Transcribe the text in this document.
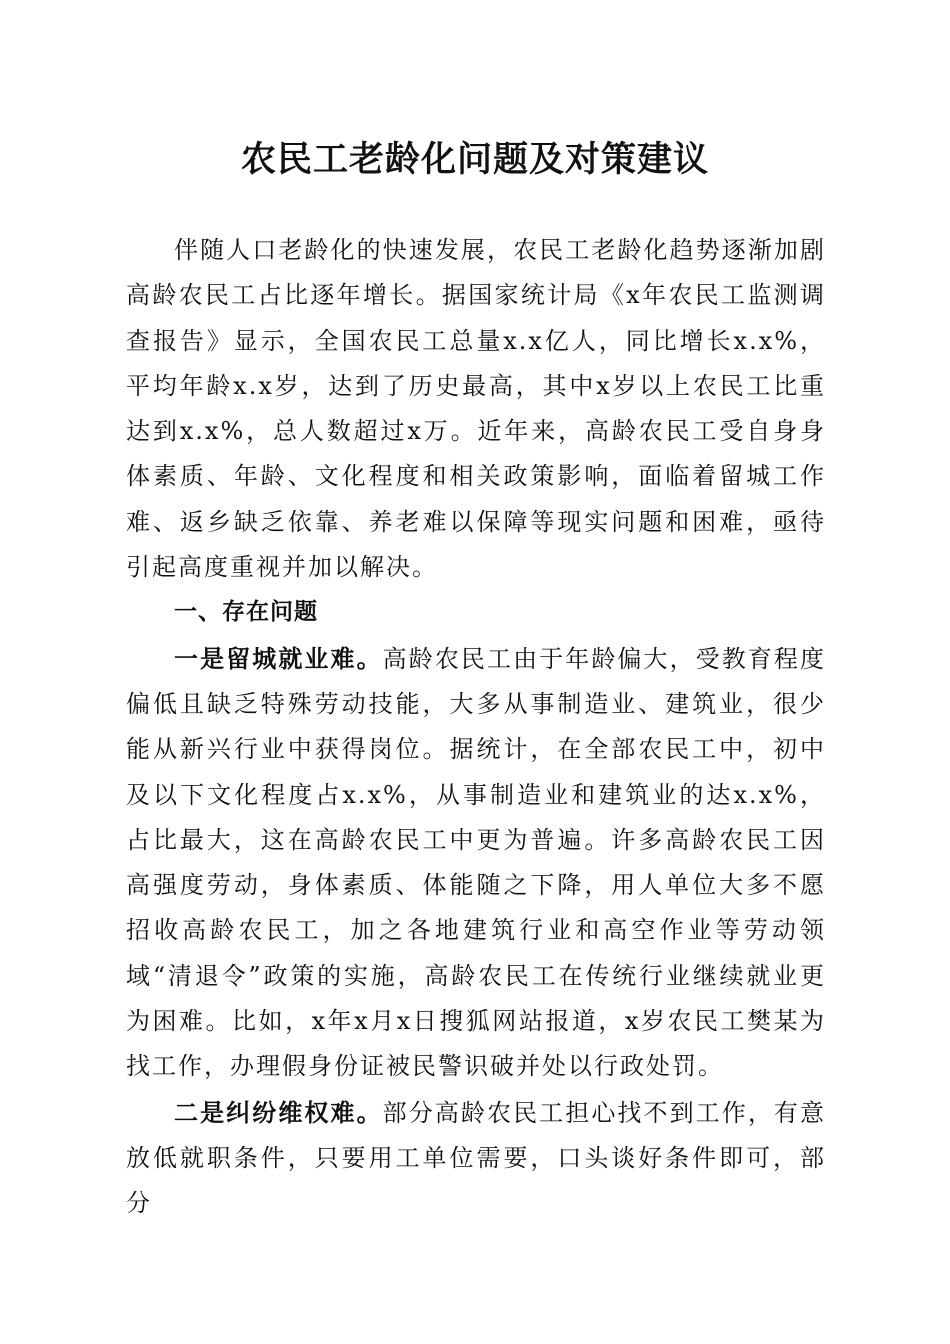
农民工老龄化问题及对策建议

伴随人口老龄化的快速发展，农民工老龄化趋势逐渐加剧高龄农民工占比逐年增长。据国家统计局《x年农民工监测调查报告》显示，全国农民工总量x.x亿人，同比增长x.x%，平均年龄x.x岁，达到了历史最高，其中x岁以上农民工比重达到x.x%，总人数超过x万。近年来，高龄农民工受自身身体素质、年龄、文化程度和相关政策影响，面临着留城工作难、返乡缺乏依靠、养老难以保障等现实问题和困难，亟待引起高度重视并加以解决。

一、存在问题

一是留城就业难。高龄农民工由于年龄偏大，受教育程度偏低且缺乏特殊劳动技能，大多从事制造业、建筑业，很少能从新兴行业中获得岗位。据统计，在全部农民工中，初中及以下文化程度占x.x%，从事制造业和建筑业的达x.x%，占比最大，这在高龄农民工中更为普遍。许多高龄农民工因高强度劳动，身体素质、体能随之下降，用人单位大多不愿招收高龄农民工，加之各地建筑行业和高空作业等劳动领域“清退令”政策的实施，高龄农民工在传统行业继续就业更为困难。比如，x年x月x日搜狐网站报道，x岁农民工樊某为找工作，办理假身份证被民警识破并处以行政处罚。

二是纠纷维权难。部分高龄农民工担心找不到工作，有意放低就职条件，只要用工单位需要，口头谈好条件即可，部分
